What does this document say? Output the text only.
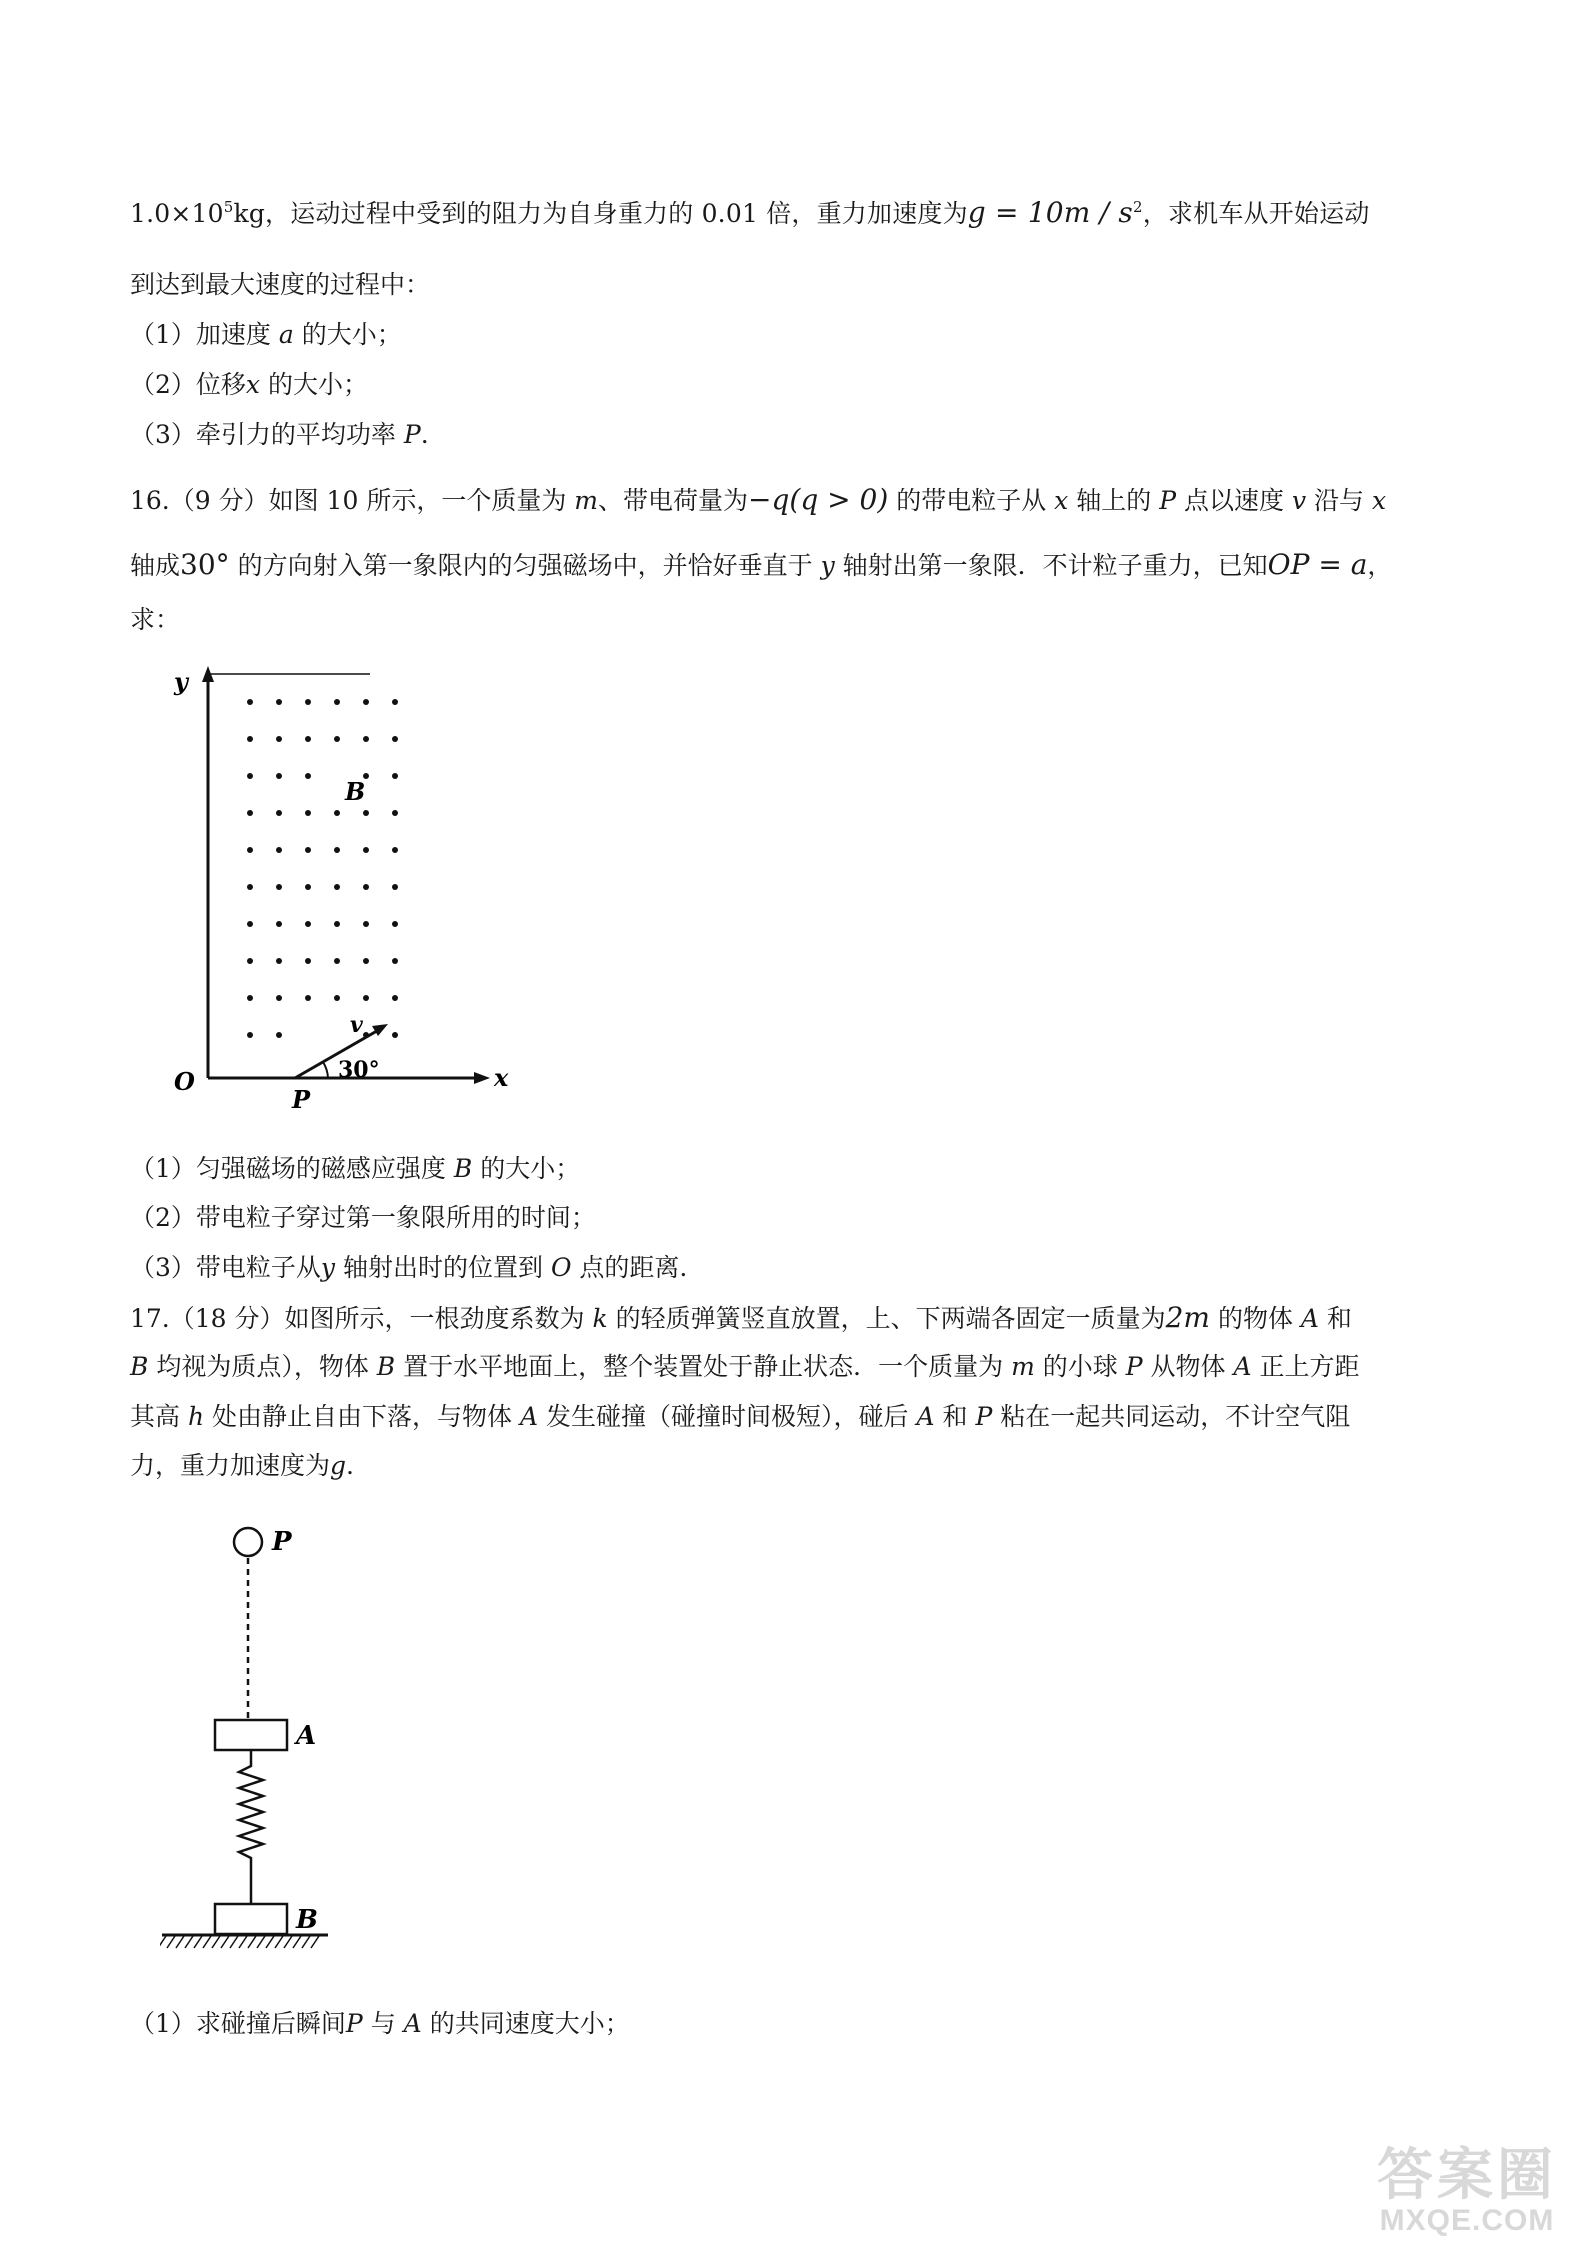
$1.0\times 10^5kg$，运动过程中受到的阻力为自身重力的 0.01 倍，重力加速度为$g = 10m / s^2$，求机车从开始运动
到达到最大速度的过程中：
（1）加速度 a 的大小；
（2）位移x 的大小；
（3）牵引力的平均功率 P.
16.（9 分）如图 10 所示，一个质量为 m、带电荷量为−q(q > 0) 的带电粒子从 x 轴上的 P 点以速度 v 沿与 x
轴成30° 的方向射入第一象限内的匀强磁场中，并恰好垂直于 y 轴射出第一象限．不计粒子重力，已知OP = a，
求：
30°
v
B
y
x
O
P
（1）匀强磁场的磁感应强度 B 的大小；
（2）带电粒子穿过第一象限所用的时间；
（3）带电粒子从y 轴射出时的位置到 O 点的距离.
17.（18 分）如图所示，一根劲度系数为 k 的轻质弹簧竖直放置，上、下两端各固定一质量为2m 的物体 A 和
B 均视为质点），物体 B 置于水平地面上，整个装置处于静止状态．一个质量为 m 的小球 P 从物体 A 正上方距
其高 h 处由静止自由下落，与物体 A 发生碰撞（碰撞时间极短），碰后 A 和 P 粘在一起共同运动，不计空气阻
力，重力加速度为g.
P
A
B
（1）求碰撞后瞬间P 与 A 的共同速度大小；
答案圈
MXQE.COM
